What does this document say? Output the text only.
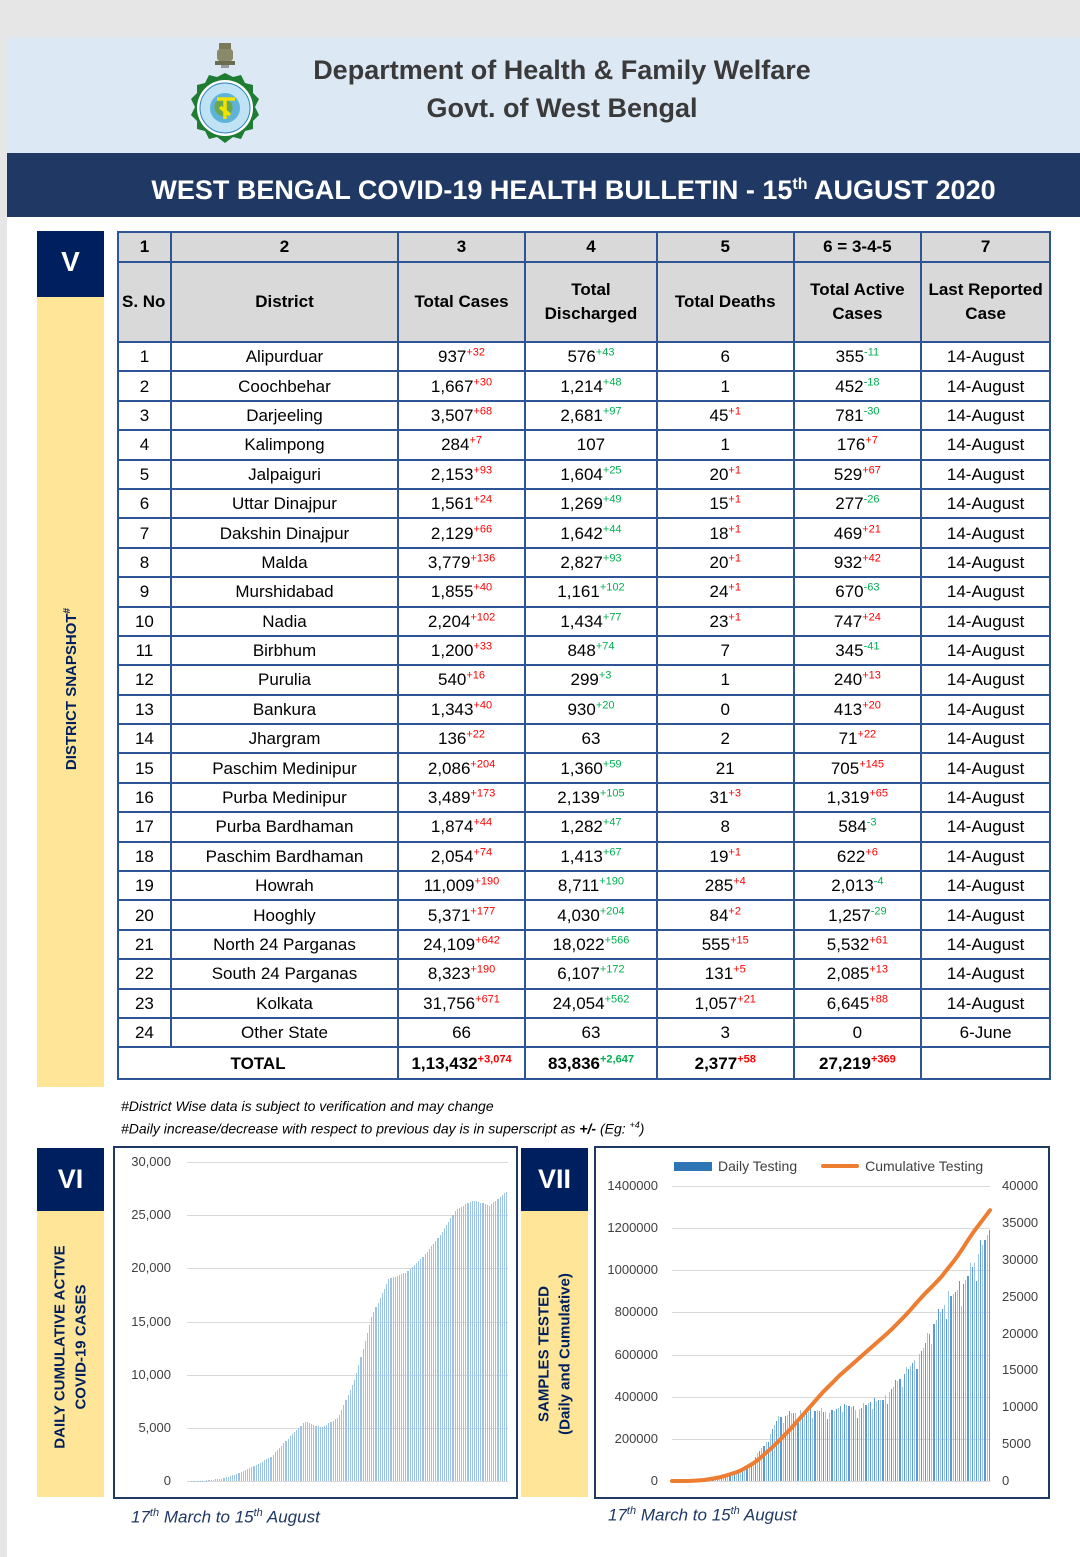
Department of Health & Family Welfare
Govt. of West Bengal
WEST BENGAL COVID-19 HEALTH BULLETIN - 15th AUGUST 2020
V
DISTRICT SNAPSHOT#
1	2	3	4	5	6 = 3-4-5	7
S. No	District	Total Cases	Total Discharged	Total Deaths	Total Active Cases	Last Reported Case
1	Alipurduar	$937^{+32}$	$576^{+43}$	6	$355^{-11}$	14-August
2	Coochbehar	$1,667^{+30}$	$1,214^{+48}$	1	$452^{-18}$	14-August
3	Darjeeling	$3,507^{+68}$	$2,681^{+97}$	$45^{+1}$	$781^{-30}$	14-August
4	Kalimpong	$284^{+7}$	107	1	$176^{+7}$	14-August
5	Jalpaiguri	$2,153^{+93}$	$1,604^{+25}$	$20^{+1}$	$529^{+67}$	14-August
6	Uttar Dinajpur	$1,561^{+24}$	$1,269^{+49}$	$15^{+1}$	$277^{-26}$	14-August
7	Dakshin Dinajpur	$2,129^{+66}$	$1,642^{+44}$	$18^{+1}$	$469^{+21}$	14-August
8	Malda	$3,779^{+136}$	$2,827^{+93}$	$20^{+1}$	$932^{+42}$	14-August
9	Murshidabad	$1,855^{+40}$	$1,161^{+102}$	$24^{+1}$	$670^{-63}$	14-August
10	Nadia	$2,204^{+102}$	$1,434^{+77}$	$23^{+1}$	$747^{+24}$	14-August
11	Birbhum	$1,200^{+33}$	$848^{+74}$	7	$345^{-41}$	14-August
12	Purulia	$540^{+16}$	$299^{+3}$	1	$240^{+13}$	14-August
13	Bankura	$1,343^{+40}$	$930^{+20}$	0	$413^{+20}$	14-August
14	Jhargram	$136^{+22}$	63	2	$71^{+22}$	14-August
15	Paschim Medinipur	$2,086^{+204}$	$1,360^{+59}$	21	$705^{+145}$	14-August
16	Purba Medinipur	$3,489^{+173}$	$2,139^{+105}$	$31^{+3}$	$1,319^{+65}$	14-August
17	Purba Bardhaman	$1,874^{+44}$	$1,282^{+47}$	8	$584^{-3}$	14-August
18	Paschim Bardhaman	$2,054^{+74}$	$1,413^{+67}$	$19^{+1}$	$622^{+6}$	14-August
19	Howrah	$11,009^{+190}$	$8,711^{+190}$	$285^{+4}$	$2,013^{-4}$	14-August
20	Hooghly	$5,371^{+177}$	$4,030^{+204}$	$84^{+2}$	$1,257^{-29}$	14-August
21	North 24 Parganas	$24,109^{+642}$	$18,022^{+566}$	$555^{+15}$	$5,532^{+61}$	14-August
22	South 24 Parganas	$8,323^{+190}$	$6,107^{+172}$	$131^{+5}$	$2,085^{+13}$	14-August
23	Kolkata	$31,756^{+671}$	$24,054^{+562}$	$1,057^{+21}$	$6,645^{+88}$	14-August
24	Other State	66	63	3	0	6-June
TOTAL		$1,13,432^{+3,074}$	$83,836^{+2,647}$	$2,377^{+58}$	$27,219^{+369}$	
#District Wise data is subject to verification and may change
#Daily increase/decrease with respect to previous day is in superscript as +/- (Eg: $^{+4}$)
VI
DAILY CUMULATIVE ACTIVE COVID-19 CASES
0
5,000
10,000
15,000
20,000
25,000
30,000
17th March to 15th August
VII
SAMPLES TESTED (Daily and Cumulative)
0
200000
400000
600000
800000
1000000
1200000
1400000
0
5000
10000
15000
20000
25000
30000
35000
40000
Daily Testing	Cumulative Testing
17th March to 15th August
